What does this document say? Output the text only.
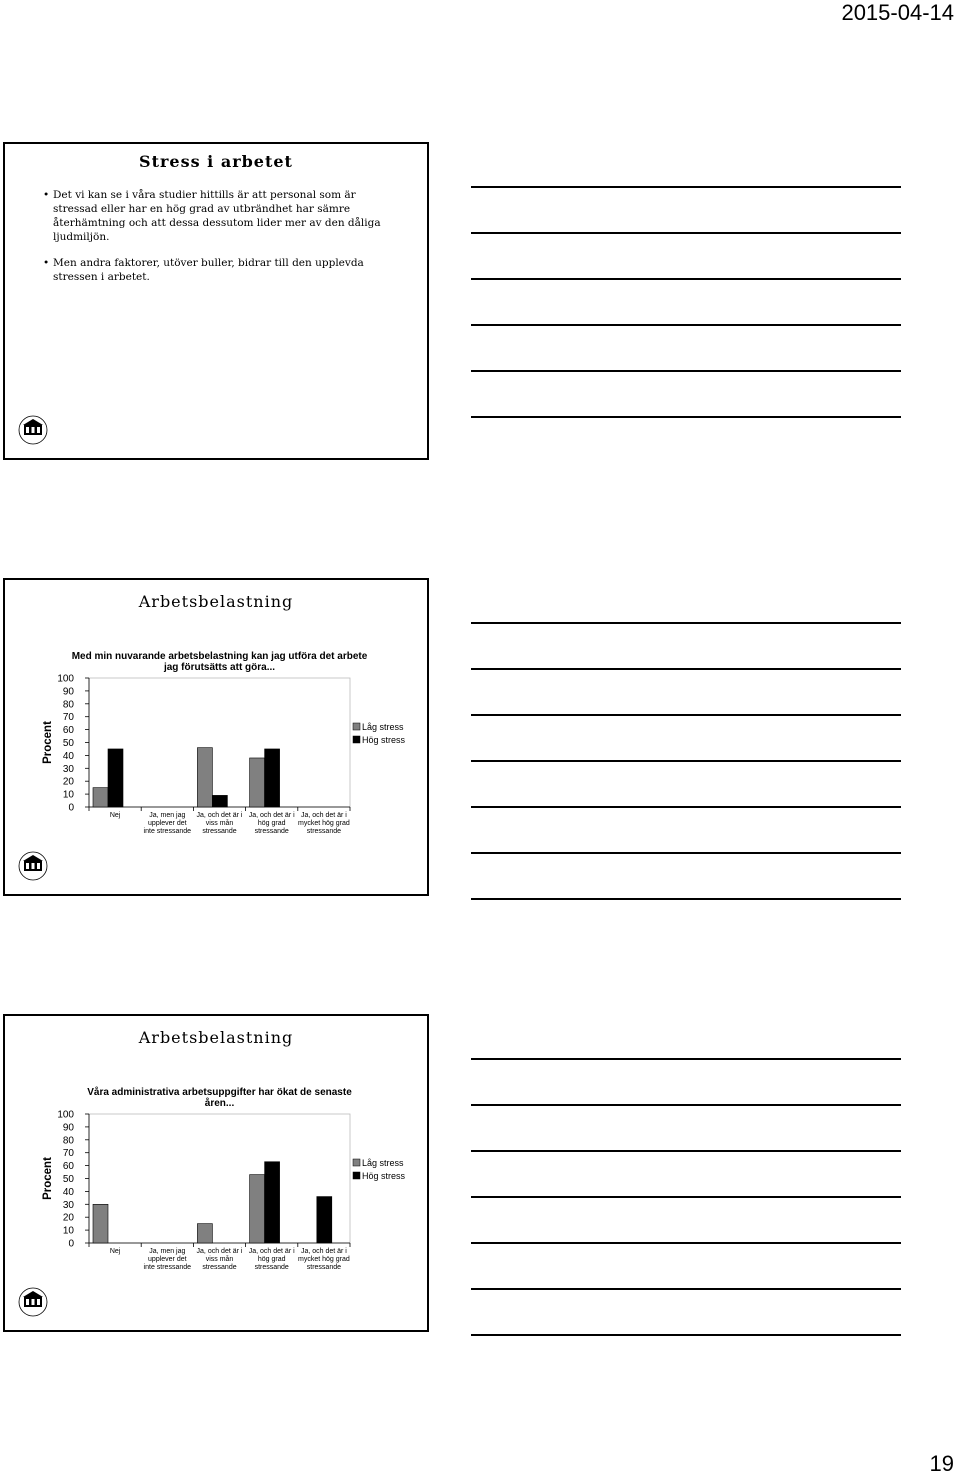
2015-04-14
Stress i arbetet
• Det vi kan se i våra studier hittills är att personal som är stressad eller har en hög grad av utbrändhet har sämre återhämtning och att dessa dessutom lider mer av den dåliga ljudmiljön.
• Men andra faktorer, utöver buller, bidrar till den upplevda stressen i arbetet.
Arbetsbelastning
Med min nuvarande arbetsbelastning kan jag utföra det arbete
jag förutsätts att göra...
0
10
20
30
40
50
60
70
80
90
100
Procent
Nej	Ja, men jag
upplever det
inte stressande
Ja, och det är i
viss mån
stressande
Ja, och det är i
hög grad
stressande
Ja, och det är i
mycket hög grad
stressande
Låg stress
Hög stress
Arbetsbelastning
Våra administrativa arbetsuppgifter har ökat de senaste
åren...
0
10
20
30
40
50
60
70
80
90
100
Procent
Nej	Ja, men jag
upplever det
inte stressande
Ja, och det är i
viss mån
stressande
Ja, och det är i
hög grad
stressande
Ja, och det är i
mycket hög grad
stressande
Låg stress
Hög stress
19
